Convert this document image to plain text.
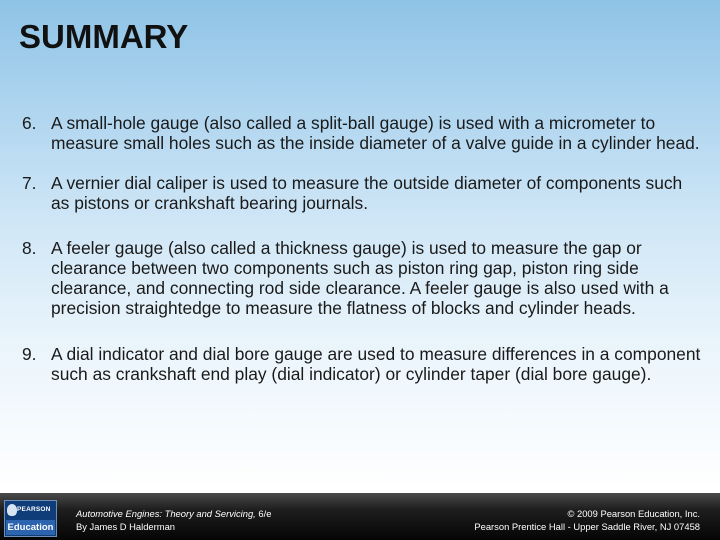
SUMMARY
6. A small-hole gauge (also called a split-ball gauge) is used with a micrometer to measure small holes such as the inside diameter of a valve guide in a cylinder head.
7. A vernier dial caliper is used to measure the outside diameter of components such as pistons or crankshaft bearing journals.
8. A feeler gauge (also called a thickness gauge) is used to measure the gap or clearance between two components such as piston ring gap, piston ring side clearance, and connecting rod side clearance. A feeler gauge is also used with a precision straightedge to measure the flatness of blocks and cylinder heads.
9. A dial indicator and dial bore gauge are used to measure differences in a component such as crankshaft end play (dial indicator) or cylinder taper (dial bore gauge).
PEARSON
Education
Automotive Engines: Theory and Servicing, 6/e
By James D Halderman
© 2009 Pearson Education, Inc.
Pearson Prentice Hall - Upper Saddle River, NJ 07458
